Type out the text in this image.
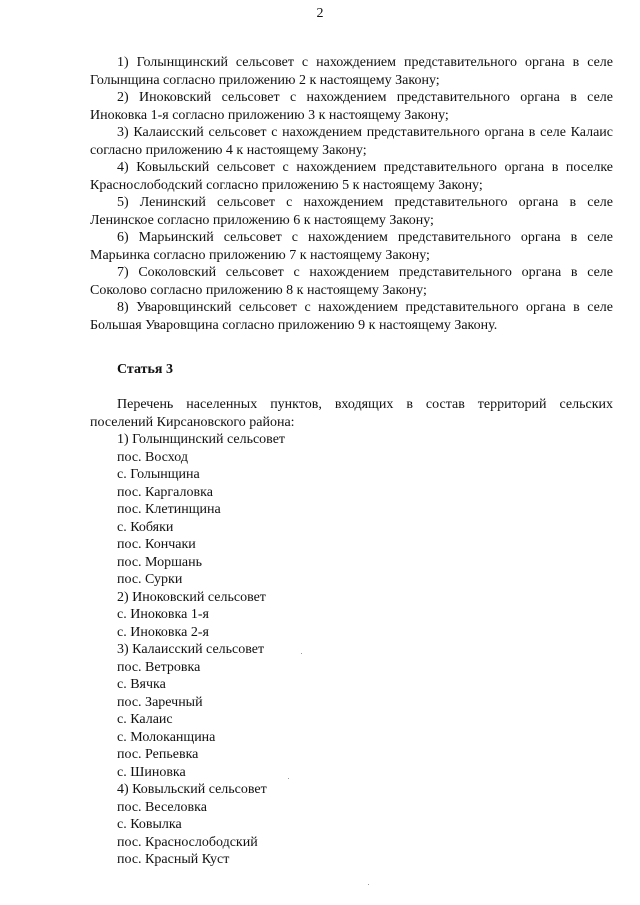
2

1) Голынщинский сельсовет с нахождением представительного органа в селе Голынщина согласно приложению 2 к настоящему Закону;

2) Иноковский сельсовет с нахождением представительного органа в селе Иноковка 1-я согласно приложению 3 к настоящему Закону;

3) Калаисский сельсовет с нахождением представительного органа в селе Калаис согласно приложению 4 к настоящему Закону;

4) Ковыльский сельсовет с нахождением представительного органа в поселке Краснослободский согласно приложению 5 к настоящему Закону;

5) Ленинский сельсовет с нахождением представительного органа в селе Ленинское согласно приложению 6 к настоящему Закону;

6) Марьинский сельсовет с нахождением представительного органа в селе Марьинка согласно приложению 7 к настоящему Закону;

7) Соколовский сельсовет с нахождением представительного органа в селе Соколово согласно приложению 8 к настоящему Закону;

8) Уваровщинский сельсовет с нахождением представительного органа в селе Большая Уваровщина согласно приложению 9 к настоящему Закону.

Статья 3

Перечень населенных пунктов, входящих в состав территорий сельских поселений Кирсановского района:

1) Голынщинский сельсовет
пос. Восход
с. Голынщина
пос. Каргаловка
пос. Клетинщина
с. Кобяки
пос. Кончаки
пос. Моршань
пос. Сурки
2) Иноковский сельсовет
с. Иноковка 1-я
с. Иноковка 2-я
3) Калаисский сельсовет
пос. Ветровка
с. Вячка
пос. Заречный
с. Калаис
с. Молоканщина
пос. Репьевка
с. Шиновка
4) Ковыльский сельсовет
пос. Веселовка
с. Ковылка
пос. Краснослободский
пос. Красный Куст
